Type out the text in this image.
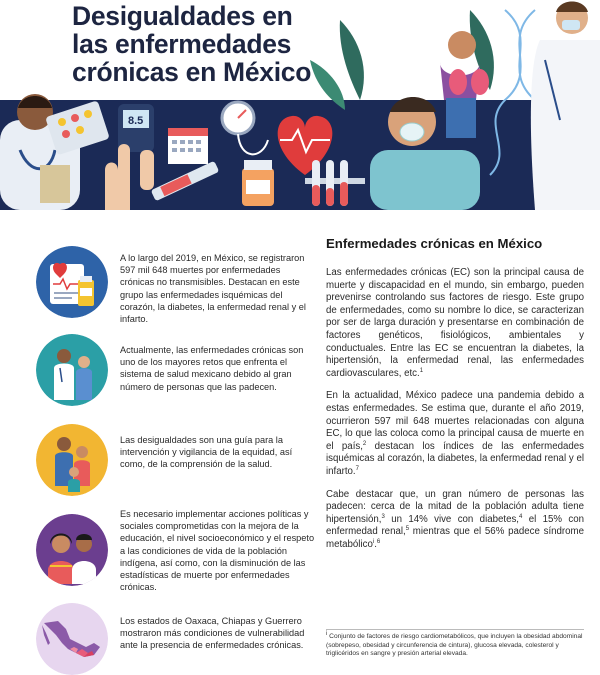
8.5
Desigualdades en
las enfermedades
crónicas en México
A lo largo del 2019, en México, se registraron 597 mil 648 muertes por enfermedades crónicas no transmisibles. Destacan en este grupo las enfermedades isquémicas del corazón, la diabetes, la enfermedad renal y el infarto.
Actualmente, las enfermedades crónicas son uno de los mayores retos que enfrenta el sistema de salud mexicano debido al gran número de personas que las padecen.
Las desigualdades son una guía para la intervención y vigilancia de la equidad, así como, de la comprensión de la salud.
Es necesario implementar acciones políticas y sociales comprometidas con la mejora de la educación, el nivel socioeconómico y el respeto a las condiciones de vida de la población indígena, así como, con la disminución de las estadísticas de muerte por enfermedades crónicas.
Los estados de Oaxaca, Chiapas y Guerrero mostraron más condiciones de vulnerabilidad ante la presencia de enfermedades crónicas.
Enfermedades crónicas en México

Las enfermedades crónicas (EC) son la principal causa de muerte y discapacidad en el mundo, sin embargo, pueden prevenirse controlando sus factores de riesgo. Este grupo de enfermedades, como su nombre lo dice, se caracterizan por ser de larga duración y presentarse en combinación de factores genéticos, fisiológicos, ambientales y conductuales. Entre las EC se encuentran la diabetes, la hipertensión, la enfermedad renal, las enfermedades cardiovasculares, etc.$^1$

En la actualidad, México padece una pandemia debido a estas enfermedades. Se estima que, durante el año 2019, ocurrieron 597 mil 648 muertes relacionadas con alguna EC, lo que las coloca como la principal causa de muerte en el país,$^2$ destacan los índices de las enfermedades isquémicas al corazón, la diabetes, la enfermedad renal y el infarto.$^7$

Cabe destacar que, un gran número de personas las padecen: cerca de la mitad de la población adulta tiene hipertensión,$^3$ un 14% vive con diabetes,$^4$ el 15% con enfermedad renal,$^5$ mientras que el 56% padece síndrome metabólico$^i$.$^6$

$^i$ Conjunto de factores de riesgo cardiometabólicos, que incluyen la obesidad abdominal (sobrepeso, obesidad y circunferencia de cintura), glucosa elevada, colesterol y triglicéridos en sangre y presión arterial elevada.
